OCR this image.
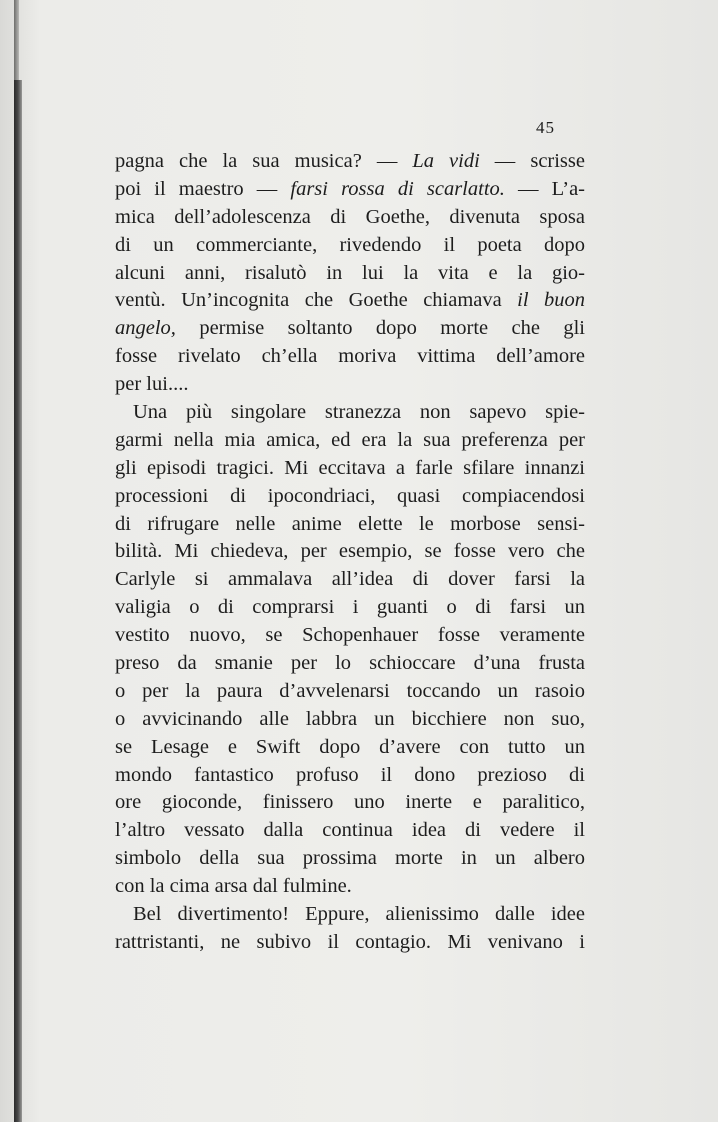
45
pagna che la sua musica? — La vidi — scrisse
poi il maestro — farsi rossa di scarlatto. — L’a-
mica dell’adolescenza di Goethe, divenuta sposa
di un commerciante, rivedendo il poeta dopo
alcuni anni, risalutò in lui la vita e la gio-
ventù. Un’incognita che Goethe chiamava il buon
angelo, permise soltanto dopo morte che gli
fosse rivelato ch’ella moriva vittima dell’amore
per lui....
Una più singolare stranezza non sapevo spie-
garmi nella mia amica, ed era la sua preferenza per
gli episodi tragici. Mi eccitava a farle sfilare innanzi
processioni di ipocondriaci, quasi compiacendosi
di rifrugare nelle anime elette le morbose sensi-
bilità. Mi chiedeva, per esempio, se fosse vero che
Carlyle si ammalava all’idea di dover farsi la
valigia o di comprarsi i guanti o di farsi un
vestito nuovo, se Schopenhauer fosse veramente
preso da smanie per lo schioccare d’una frusta
o per la paura d’avvelenarsi toccando un rasoio
o avvicinando alle labbra un bicchiere non suo,
se Lesage e Swift dopo d’avere con tutto un
mondo fantastico profuso il dono prezioso di
ore gioconde, finissero uno inerte e paralitico,
l’altro vessato dalla continua idea di vedere il
simbolo della sua prossima morte in un albero
con la cima arsa dal fulmine.
Bel divertimento! Eppure, alienissimo dalle idee
rattristanti, ne subivo il contagio. Mi venivano i
